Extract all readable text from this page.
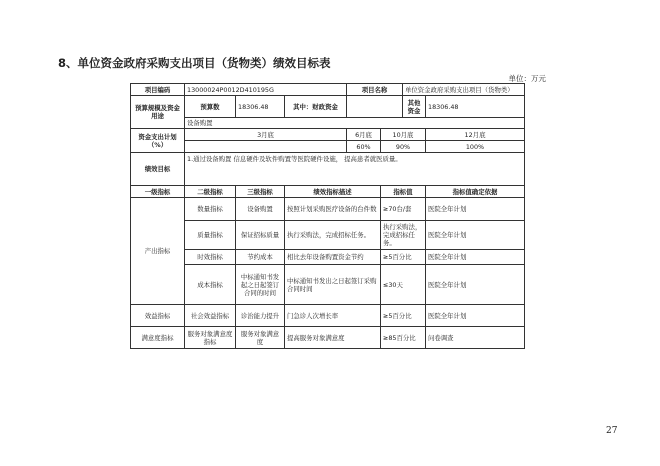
8、单位资金政府采购支出项目（货物类）绩效目标表
单位：万元
项目编码	13000024P0012D410195G			项目名称		单位资金政府采购支出项目（货物类）	
预算规模及资金用途	预算数	18306.48	其中：财政资金			其他资金	18306.48
	设备购置						
资金支出计划（%）	3月底			6月底	10月底		12月底
				60%	90%		100%
绩效目标	1.通过设备购置 信息硬件及软件购置等医院硬件设施， 提高患者就医质量。						
一级指标	二级指标	三级指标	绩效指标描述		指标值		指标值确定依据
产出指标	数量指标	设备购置	按照计划采购医疗设备的台件数		≥70台/套		医院全年计划
	质量指标	保证招标质量	执行采购法，完成招标任务。		执行采购法，完成招标任务。		医院全年计划
	时效指标	节约成本	相比去年设备购置资金节约		≥5百分比		医院全年计划
	成本指标	中标通知书发起之日起签订合同的时间	中标通知书发出之日起签订采购合同时间		≤30天		医院全年计划
效益指标	社会效益指标	诊治能力提升	门急诊人次增长率		≥5百分比		医院全年计划
满意度指标	服务对象满意度指标	服务对象满意度	提高服务对象满意度		≥85百分比		问卷调查
27
